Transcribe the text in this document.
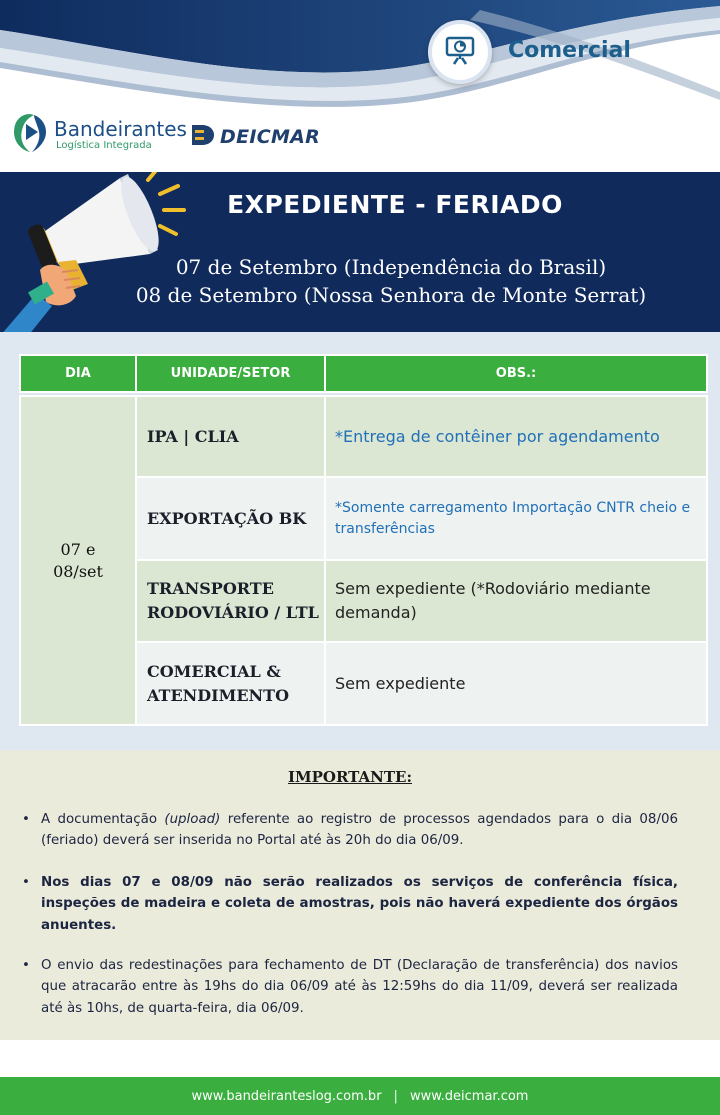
Comercial
Bandeirantes
Logística Integrada	DEICMAR
EXPEDIENTE - FERIADO
07 de Setembro (Independência do Brasil)
08 de Setembro (Nossa Senhora de Monte Serrat)
DIA	UNIDADE/SETOR	OBS.:

07 e 08/set	IPA | CLIA	*Entrega de contêiner por agendamento
	EXPORTAÇÃO BK	*Somente carregamento Importação CNTR cheio e transferências
	TRANSPORTE RODOVIÁRIO / LTL	Sem expediente (*Rodoviário mediante demanda)
	COMERCIAL & ATENDIMENTO	Sem expediente
IMPORTANTE:
• A documentação (upload) referente ao registro de processos agendados para o dia 08/06 (feriado) deverá ser inserida no Portal até às 20h do dia 06/09.
• Nos dias 07 e 08/09 não serão realizados os serviços de conferência física, inspeções de madeira e coleta de amostras, pois não haverá expediente dos órgãos anuentes.
• O envio das redestinações para fechamento de DT (Declaração de transferência) dos navios que atracarão entre às 19hs do dia 06/09 até às 12:59hs do dia 11/09, deverá ser realizada até às 10hs, de quarta-feira, dia 06/09.
www.bandeiranteslog.com.br | www.deicmar.com
